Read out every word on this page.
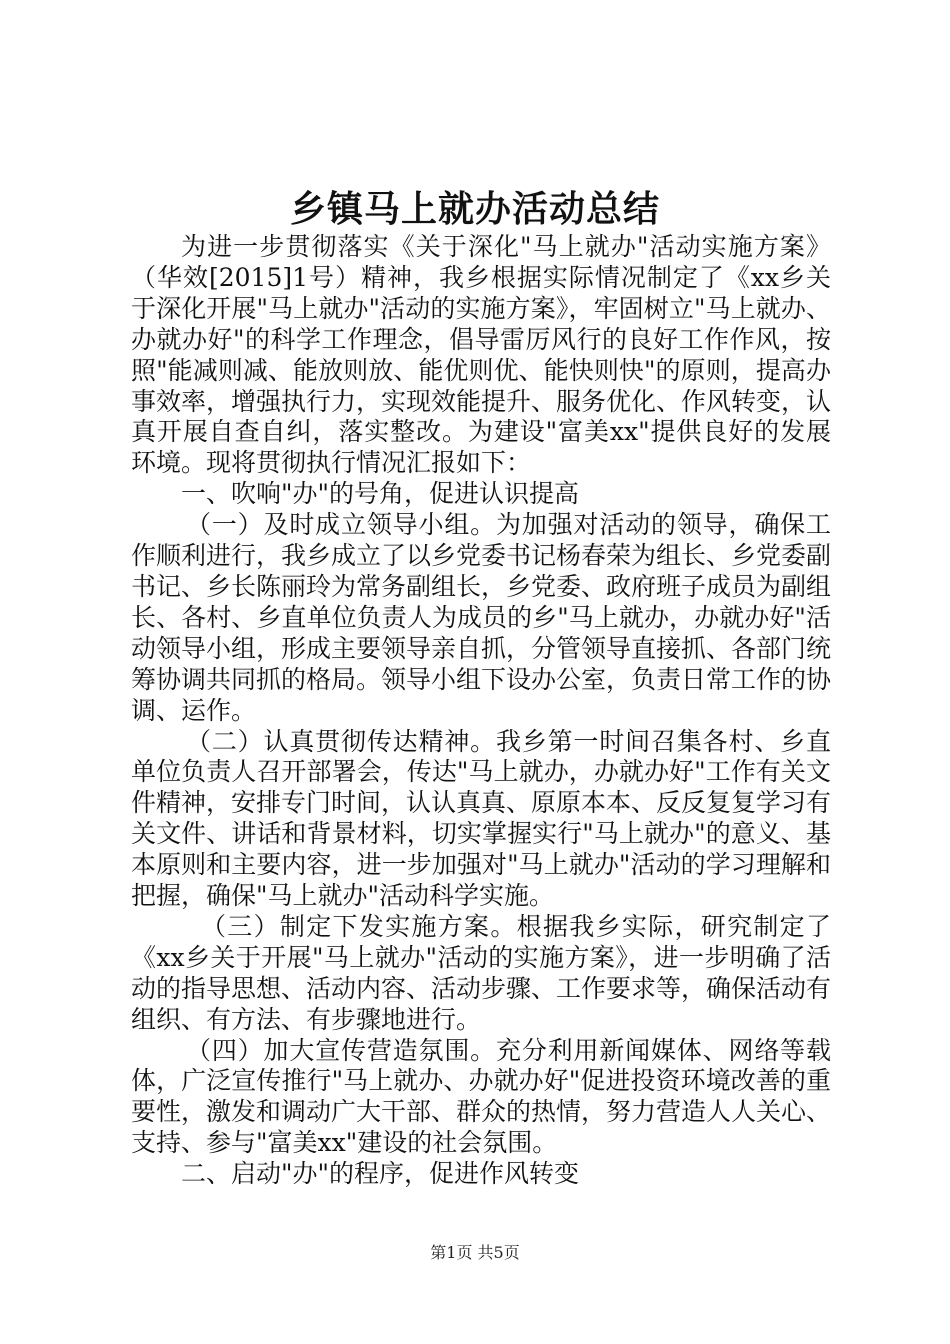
乡镇马上就办活动总结

为进一步贯彻落实《关于深化"马上就办"活动实施方案》（华效[2015]1号）精神，我乡根据实际情况制定了《xx乡关于深化开展"马上就办"活动的实施方案》，牢固树立"马上就办、办就办好"的科学工作理念，倡导雷厉风行的良好工作作风，按照"能减则减、能放则放、能优则优、能快则快"的原则，提高办事效率，增强执行力，实现效能提升、服务优化、作风转变，认真开展自查自纠，落实整改。为建设"富美xx"提供良好的发展环境。现将贯彻执行情况汇报如下：

一、吹响"办"的号角，促进认识提高

（一）及时成立领导小组。为加强对活动的领导，确保工作顺利进行，我乡成立了以乡党委书记杨春荣为组长、乡党委副书记、乡长陈丽玲为常务副组长，乡党委、政府班子成员为副组长、各村、乡直单位负责人为成员的乡"马上就办，办就办好"活动领导小组，形成主要领导亲自抓，分管领导直接抓、各部门统筹协调共同抓的格局。领导小组下设办公室，负责日常工作的协调、运作。

（二）认真贯彻传达精神。我乡第一时间召集各村、乡直单位负责人召开部署会，传达"马上就办，办就办好"工作有关文件精神，安排专门时间，认认真真、原原本本、反反复复学习有关文件、讲话和背景材料，切实掌握实行"马上就办"的意义、基本原则和主要内容，进一步加强对"马上就办"活动的学习理解和把握，确保"马上就办"活动科学实施。

（三）制定下发实施方案。根据我乡实际，研究制定了《xx乡关于开展"马上就办"活动的实施方案》，进一步明确了活动的指导思想、活动内容、活动步骤、工作要求等，确保活动有组织、有方法、有步骤地进行。

（四）加大宣传营造氛围。充分利用新闻媒体、网络等载体，广泛宣传推行"马上就办、办就办好"促进投资环境改善的重要性，激发和调动广大干部、群众的热情，努力营造人人关心、支持、参与"富美xx"建设的社会氛围。

二、启动"办"的程序，促进作风转变

第1页 共5页
